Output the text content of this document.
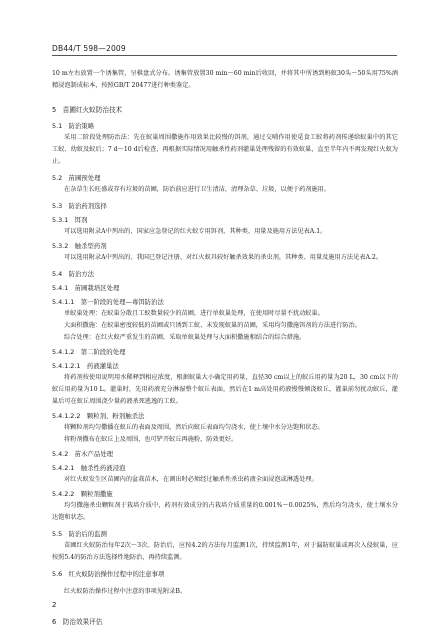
DB44/T 598—2009
10 m左右放置一个诱集管，呈棋盘式分布。诱集管放置30 min～60 min后收回，并将其中所诱到蚂蚁30头～50头用75%酒精浸泡制成标本，按照GB/T 20477进行种类鉴定。
5　苗圃红火蚁防治技术
5.1　防治策略
采用二阶段处理防治法：先在蚁巢周围撒施作用效果比较慢的饵剂，通过交哺作用使觅食工蚁将药剂传递给蚁巢中的其它工蚁、幼蚁及蚁后；7 d～10 d后检查，再根据实际情况用触杀性药剂灌巢处理残留的有效蚁巢，直至半年内不再发现红火蚁为止。
5.2　苗圃预处理
在杂草生长旺盛或存有垃圾的苗圃，防治前应进行卫生清洁，清理杂草、垃圾，以便于药剂施用。
5.3　防治药剂选择
5.3.1　饵剂
可以选用附录A中列出的、国家应急登记的红火蚁专用饵剂，其种类、用量及施用方法见表A.1。
5.3.2　触杀型药剂
可以选用附录A中列出的、我国已登记注册、对红火蚁具较好触杀效果的杀虫剂，其种类、用量及施用方法见表A.2。
5.4　防治方法
5.4.1　苗圃栽培区处理
5.4.1.1　第一阶段的处理—毒饵防治法
单蚁巢处理：在蚁巢分散且工蚁数量较少的苗圃，进行单蚁巢处理，在使用时尽量不扰动蚁巢。
大面积撒施：在蚁巢密度较低的苗圃或只诱到工蚁、未发现蚁巢的苗圃，采用均匀撒施饵剂的方法进行防治。
综合处理：在红火蚁严重发生的苗圃，采取单蚁巢处理与大面积撒施相结合的综合措施。
5.4.1.2　第二阶段的处理
5.4.1.2.1　药液灌巢法
将药剂按使用说明用水稀释到相应浓度，根据蚁巢大小确定用药量，直径30 cm以上的蚁丘用药量为20 L，30 cm以下的蚁丘用药量为10 L。灌巢时，先用药液充分淋湿整个蚁丘表面，然后在1 m高处用药液慢慢倾浇蚁丘，灌巢前勿扰动蚁丘，灌巢后可在蚁丘周围浇少量药液杀死逃逸的工蚁。
5.4.1.2.2　颗粒剂、粉剂触杀法
将颗粒剂均匀撒播在蚁丘的表面及周围，然后向蚁丘表面均匀浇水，使土壤中水分达饱和状态。
将粉剂撒布在蚁丘上及周围，也可铲开蚁丘再施粉，防效更好。
5.4.2　苗木产品处理
5.4.2.1　触杀性药液浸泡
对红火蚁发生区苗圃内的盆栽苗木，在调出时必须经过触杀性杀虫药液全面浸泡或淋透处理。
5.4.2.2　颗粒剂撒施
均匀撒施杀虫颗粒剂于栽培介质中，药剂有效成分的占栽培介质重量的0.001%～0.0025%，然后均匀浇水，使土壤水分达饱和状态。
5.5　防治后的监测
苗圃红火蚁防治每年2次～3次。防治后，应按4.2的方法每月监测1次，持续监测1年，对于漏防蚁巢或再次入侵蚁巢，应按照5.4的防治方法选择性地防治，再持续监测。
5.6　红火蚁防治操作过程中的注意事项
红火蚁防治操作过程中注意的事项见附录B。
6　防治效果评估
2
